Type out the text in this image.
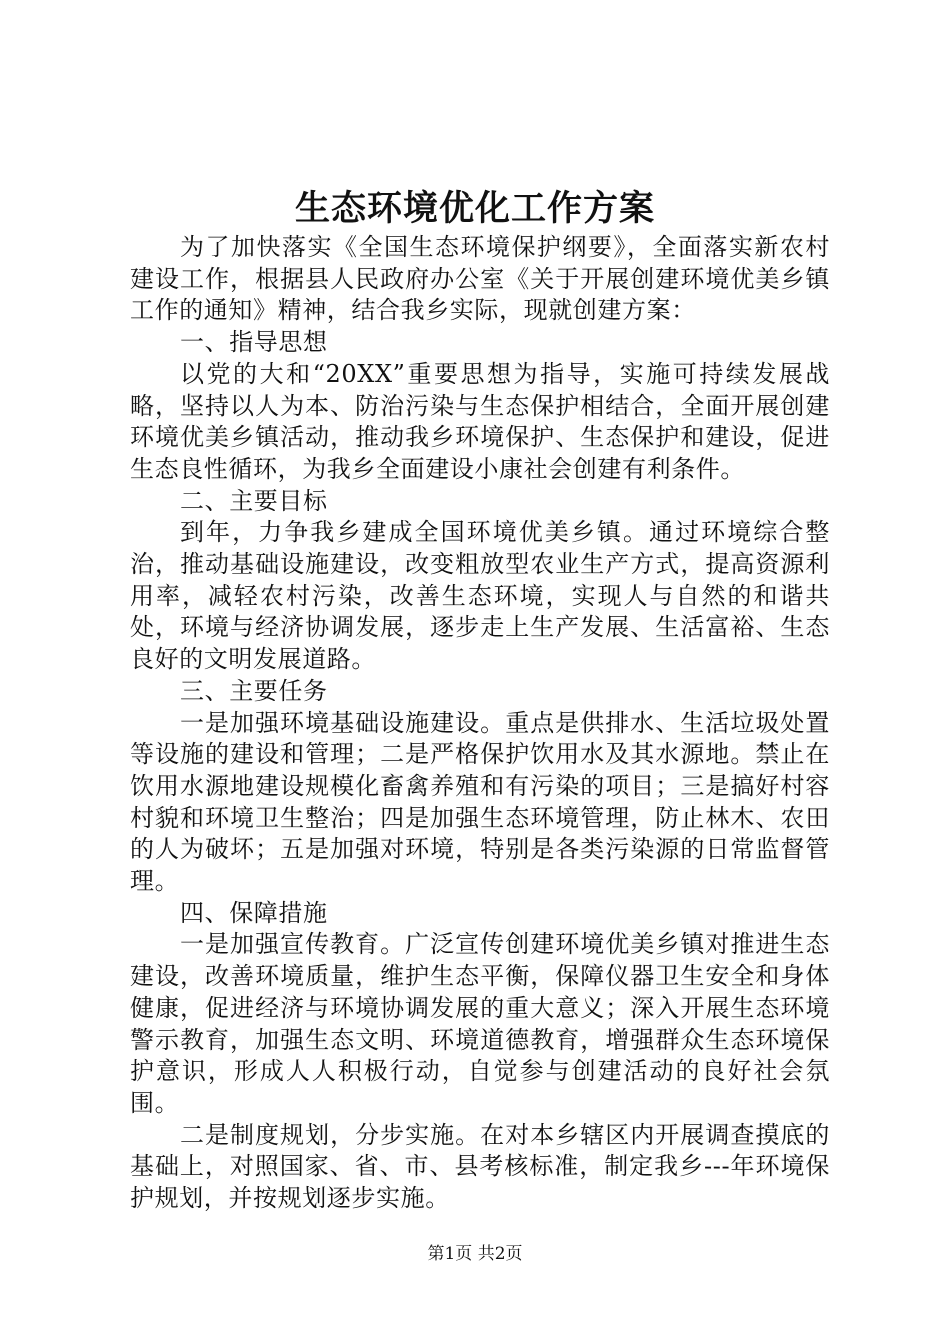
生态环境优化工作方案

为了加快落实《全国生态环境保护纲要》，全面落实新农村建设工作，根据县人民政府办公室《关于开展创建环境优美乡镇工作的通知》精神，结合我乡实际，现就创建方案：

一、指导思想

以党的大和“20XX”重要思想为指导，实施可持续发展战略，坚持以人为本、防治污染与生态保护相结合，全面开展创建环境优美乡镇活动，推动我乡环境保护、生态保护和建设，促进生态良性循环，为我乡全面建设小康社会创建有利条件。

二、主要目标

到年，力争我乡建成全国环境优美乡镇。通过环境综合整治，推动基础设施建设，改变粗放型农业生产方式，提高资源利用率，减轻农村污染，改善生态环境，实现人与自然的和谐共处，环境与经济协调发展，逐步走上生产发展、生活富裕、生态良好的文明发展道路。

三、主要任务

一是加强环境基础设施建设。重点是供排水、生活垃圾处置等设施的建设和管理；二是严格保护饮用水及其水源地。禁止在饮用水源地建设规模化畜禽养殖和有污染的项目；三是搞好村容村貌和环境卫生整治；四是加强生态环境管理，防止林木、农田的人为破坏；五是加强对环境，特别是各类污染源的日常监督管理。

四、保障措施

一是加强宣传教育。广泛宣传创建环境优美乡镇对推进生态建设，改善环境质量，维护生态平衡，保障仪器卫生安全和身体健康，促进经济与环境协调发展的重大意义；深入开展生态环境警示教育，加强生态文明、环境道德教育，增强群众生态环境保护意识，形成人人积极行动，自觉参与创建活动的良好社会氛围。

二是制度规划，分步实施。在对本乡辖区内开展调查摸底的基础上，对照国家、省、市、县考核标准，制定我乡---年环境保护规划，并按规划逐步实施。

第1页 共2页
